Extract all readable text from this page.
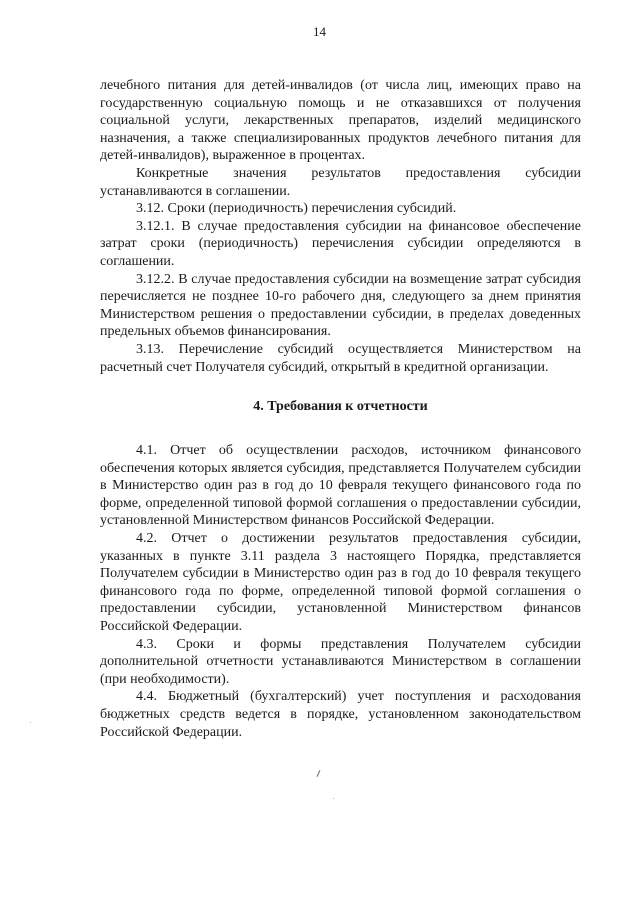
14

лечебного питания для детей-инвалидов (от числа лиц, имеющих право на государственную социальную помощь и не отказавшихся от получения социальной услуги, лекарственных препаратов, изделий медицинского назначения, а также специализированных продуктов лечебного питания для детей-инвалидов), выраженное в процентах.

Конкретные значения результатов предоставления субсидии устанавливаются в соглашении.

3.12. Сроки (периодичность) перечисления субсидий.

3.12.1. В случае предоставления субсидии на финансовое обеспечение затрат сроки (периодичность) перечисления субсидии определяются в соглашении.

3.12.2. В случае предоставления субсидии на возмещение затрат субсидия перечисляется не позднее 10-го рабочего дня, следующего за днем принятия Министерством решения о предоставлении субсидии, в пределах доведенных предельных объемов финансирования.

3.13. Перечисление субсидий осуществляется Министерством на расчетный счет Получателя субсидий, открытый в кредитной организации.

4. Требования к отчетности

4.1. Отчет об осуществлении расходов, источником финансового обеспечения которых является субсидия, представляется Получателем субсидии в Министерство один раз в год до 10 февраля текущего финансового года по форме, определенной типовой формой соглашения о предоставлении субсидии, установленной Министерством финансов Российской Федерации.

4.2. Отчет о достижении результатов предоставления субсидии, указанных в пункте 3.11 раздела 3 настоящего Порядка, представляется Получателем субсидии в Министерство один раз в год до 10 февраля текущего финансового года по форме, определенной типовой формой соглашения о предоставлении субсидии, установленной Министерством финансов Российской Федерации.

4.3. Сроки и формы представления Получателем субсидии дополнительной отчетности устанавливаются Министерством в соглашении (при необходимости).

4.4. Бюджетный (бухгалтерский) учет поступления и расходования бюджетных средств ведется в порядке, установленном законодательством Российской Федерации.
